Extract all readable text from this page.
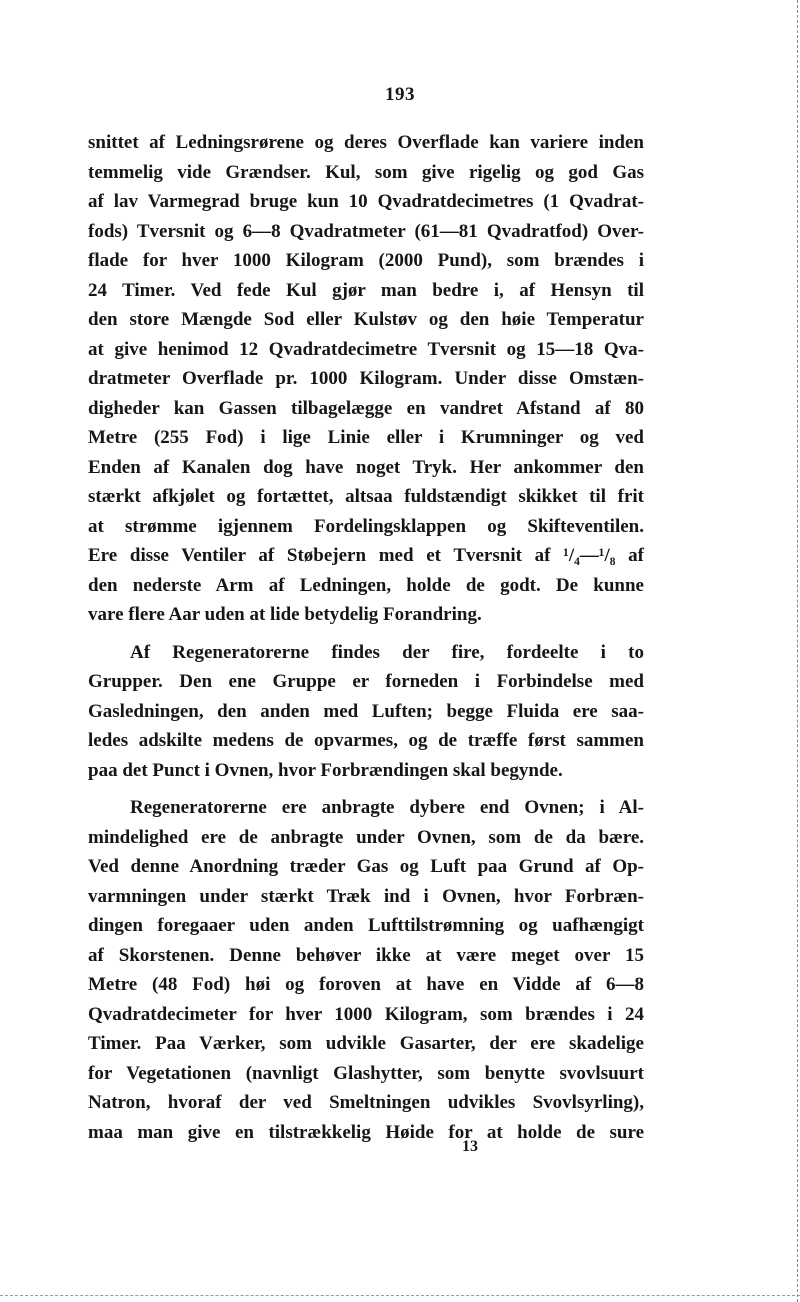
193
snittet af Ledningsrørene og deres Overflade kan variere inden
temmelig vide Grændser. Kul, som give rigelig og god Gas
af lav Varmegrad bruge kun 10 Qvadratdecimetres (1 Qvadrat-
fods) Tversnit og 6—8 Qvadratmeter (61—81 Qvadratfod) Over-
flade for hver 1000 Kilogram (2000 Pund), som brændes i
24 Timer. Ved fede Kul gjør man bedre i, af Hensyn til
den store Mængde Sod eller Kulstøv og den høie Temperatur
at give henimod 12 Qvadratdecimetre Tversnit og 15—18 Qva-
dratmeter Overflade pr. 1000 Kilogram. Under disse Omstæn-
digheder kan Gassen tilbagelægge en vandret Afstand af 80
Metre (255 Fod) i lige Linie eller i Krumninger og ved
Enden af Kanalen dog have noget Tryk. Her ankommer den
stærkt afkjølet og fortættet, altsaa fuldstændigt skikket til frit
at strømme igjennem Fordelingsklappen og Skifteventilen.
Ere disse Ventiler af Støbejern med et Tversnit af ¹/₄—¹/₈ af
den nederste Arm af Ledningen, holde de godt. De kunne
vare flere Aar uden at lide betydelig Forandring.
Af Regeneratorerne findes der fire, fordeelte i to
Grupper. Den ene Gruppe er forneden i Forbindelse med
Gasledningen, den anden med Luften; begge Fluida ere saa-
ledes adskilte medens de opvarmes, og de træffe først sammen
paa det Punct i Ovnen, hvor Forbrændingen skal begynde.
Regeneratorerne ere anbragte dybere end Ovnen; i Al-
mindelighed ere de anbragte under Ovnen, som de da bære.
Ved denne Anordning træder Gas og Luft paa Grund af Op-
varmningen under stærkt Træk ind i Ovnen, hvor Forbræn-
dingen foregaaer uden anden Lufttilstrømning og uafhængigt
af Skorstenen. Denne behøver ikke at være meget over 15
Metre (48 Fod) høi og foroven at have en Vidde af 6—8
Qvadratdecimeter for hver 1000 Kilogram, som brændes i 24
Timer. Paa Værker, som udvikle Gasarter, der ere skadelige
for Vegetationen (navnligt Glashytter, som benytte svovlsuurt
Natron, hvoraf der ved Smeltningen udvikles Svovlsyrling),
maa man give en tilstrækkelig Høide for at holde de sure
13
